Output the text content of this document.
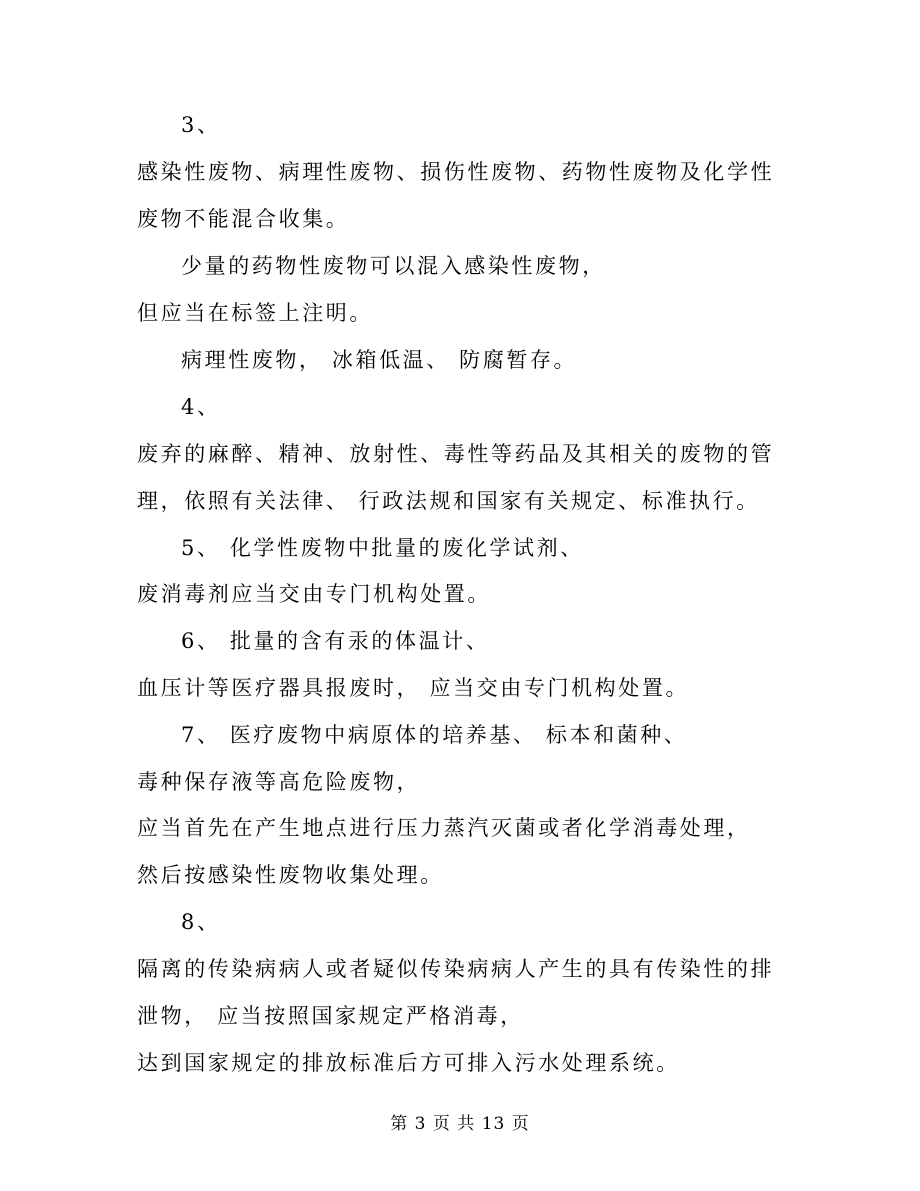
3、
感染性废物、病理性废物、损伤性废物、药物性废物及化学性
废物不能混合收集。
少量的药物性废物可以混入感染性废物，
但应当在标签上注明。
病理性废物， 冰箱低温、 防腐暂存。
4、
废弃的麻醉、精神、放射性、毒性等药品及其相关的废物的管
理，依照有关法律、 行政法规和国家有关规定、标准执行。
5、 化学性废物中批量的废化学试剂、
废消毒剂应当交由专门机构处置。
6、 批量的含有汞的体温计、
血压计等医疗器具报废时， 应当交由专门机构处置。
7、 医疗废物中病原体的培养基、 标本和菌种、
毒种保存液等高危险废物，
应当首先在产生地点进行压力蒸汽灭菌或者化学消毒处理，
然后按感染性废物收集处理。
8、
隔离的传染病病人或者疑似传染病病人产生的具有传染性的排
泄物， 应当按照国家规定严格消毒，
达到国家规定的排放标准后方可排入污水处理系统。
第 3 页 共 13 页
